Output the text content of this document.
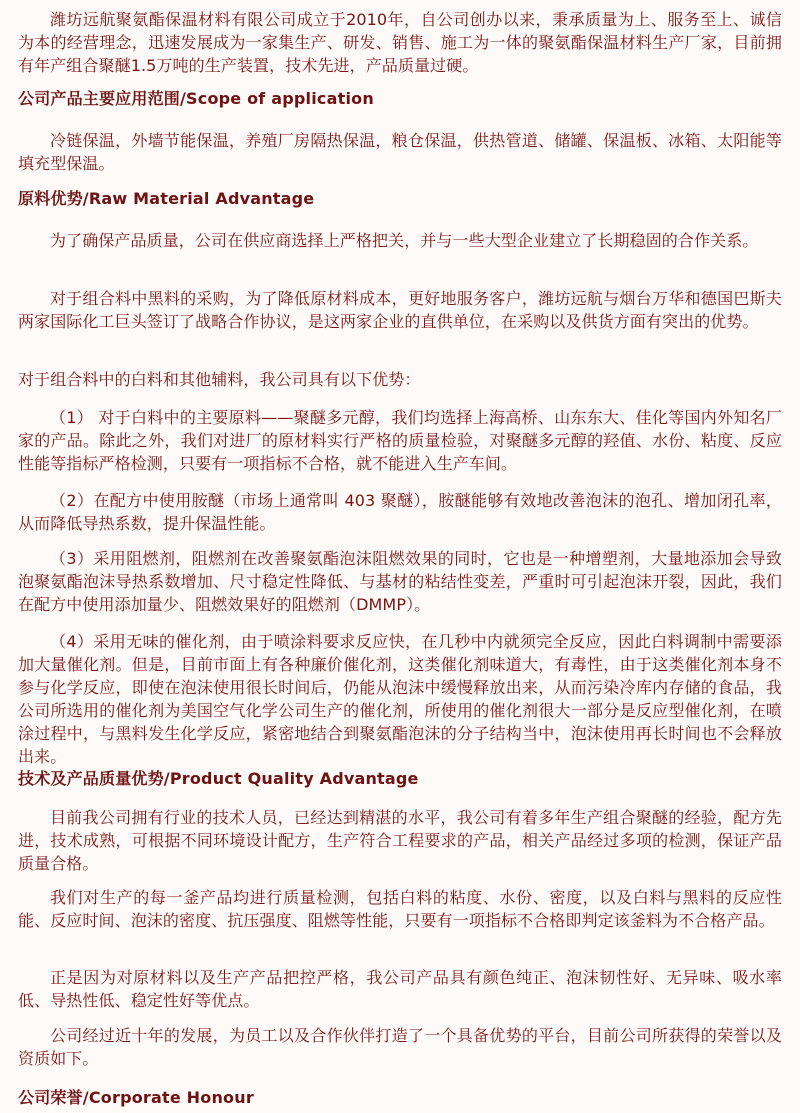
潍坊远航聚氨酯保温材料有限公司成立于2010年，自公司创办以来，秉承质量为上、服务至上、诚信为本的经营理念，迅速发展成为一家集生产、研发、销售、施工为一体的聚氨酯保温材料生产厂家，目前拥有年产组合聚醚1.5万吨的生产装置，技术先进，产品质量过硬。

公司产品主要应用范围/Scope of application

冷链保温，外墙节能保温，养殖厂房隔热保温，粮仓保温，供热管道、储罐、保温板、冰箱、太阳能等填充型保温。

原料优势/Raw Material Advantage

为了确保产品质量，公司在供应商选择上严格把关，并与一些大型企业建立了长期稳固的合作关系。

对于组合料中黑料的采购，为了降低原材料成本，更好地服务客户，潍坊远航与烟台万华和德国巴斯夫两家国际化工巨头签订了战略合作协议，是这两家企业的直供单位，在采购以及供货方面有突出的优势。

对于组合料中的白料和其他辅料，我公司具有以下优势：

（1） 对于白料中的主要原料——聚醚多元醇，我们均选择上海高桥、山东东大、佳化等国内外知名厂家的产品。除此之外，我们对进厂的原材料实行严格的质量检验，对聚醚多元醇的羟值、水份、粘度、反应性能等指标严格检测，只要有一项指标不合格，就不能进入生产车间。

（2）在配方中使用胺醚（市场上通常叫 403 聚醚），胺醚能够有效地改善泡沫的泡孔、增加闭孔率，从而降低导热系数，提升保温性能。

（3）采用阻燃剂，阻燃剂在改善聚氨酯泡沫阻燃效果的同时，它也是一种增塑剂，大量地添加会导致泡聚氨酯泡沫导热系数增加、尺寸稳定性降低、与基材的粘结性变差，严重时可引起泡沫开裂，因此，我们在配方中使用添加量少、阻燃效果好的阻燃剂（DMMP）。

（4）采用无味的催化剂，由于喷涂料要求反应快，在几秒中内就须完全反应，因此白料调制中需要添加大量催化剂。但是，目前市面上有各种廉价催化剂，这类催化剂味道大，有毒性，由于这类催化剂本身不参与化学反应，即使在泡沫使用很长时间后，仍能从泡沫中缓慢释放出来，从而污染冷库内存储的食品，我公司所选用的催化剂为美国空气化学公司生产的催化剂，所使用的催化剂很大一部分是反应型催化剂，在喷涂过程中，与黑料发生化学反应，紧密地结合到聚氨酯泡沫的分子结构当中，泡沫使用再长时间也不会释放出来。

技术及产品质量优势/Product Quality Advantage

目前我公司拥有行业的技术人员，已经达到精湛的水平，我公司有着多年生产组合聚醚的经验，配方先进，技术成熟，可根据不同环境设计配方，生产符合工程要求的产品，相关产品经过多项的检测，保证产品质量合格。

我们对生产的每一釜产品均进行质量检测，包括白料的粘度、水份、密度，以及白料与黑料的反应性能、反应时间、泡沫的密度、抗压强度、阻燃等性能，只要有一项指标不合格即判定该釜料为不合格产品。

正是因为对原材料以及生产产品把控严格，我公司产品具有颜色纯正、泡沫韧性好、无异味、吸水率低、导热性低、稳定性好等优点。

公司经过近十年的发展，为员工以及合作伙伴打造了一个具备优势的平台，目前公司所获得的荣誉以及资质如下。

公司荣誉/Corporate Honour
